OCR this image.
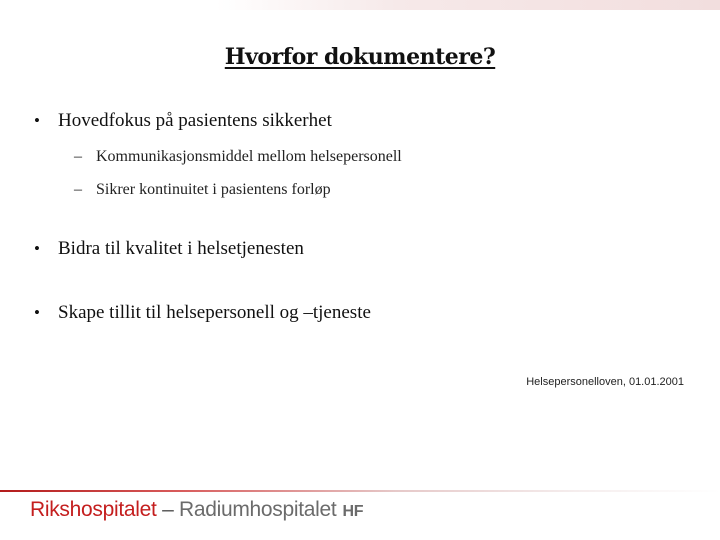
Hvorfor dokumentere?
• Hovedfokus på pasientens sikkerhet
– Kommunikasjonsmiddel mellom helsepersonell
– Sikrer kontinuitet i pasientens forløp
• Bidra til kvalitet i helsetjenesten
• Skape tillit til helsepersonell og –tjeneste
Helsepersonelloven, 01.01.2001
Rikshospitalet – Radiumhospitalet HF
